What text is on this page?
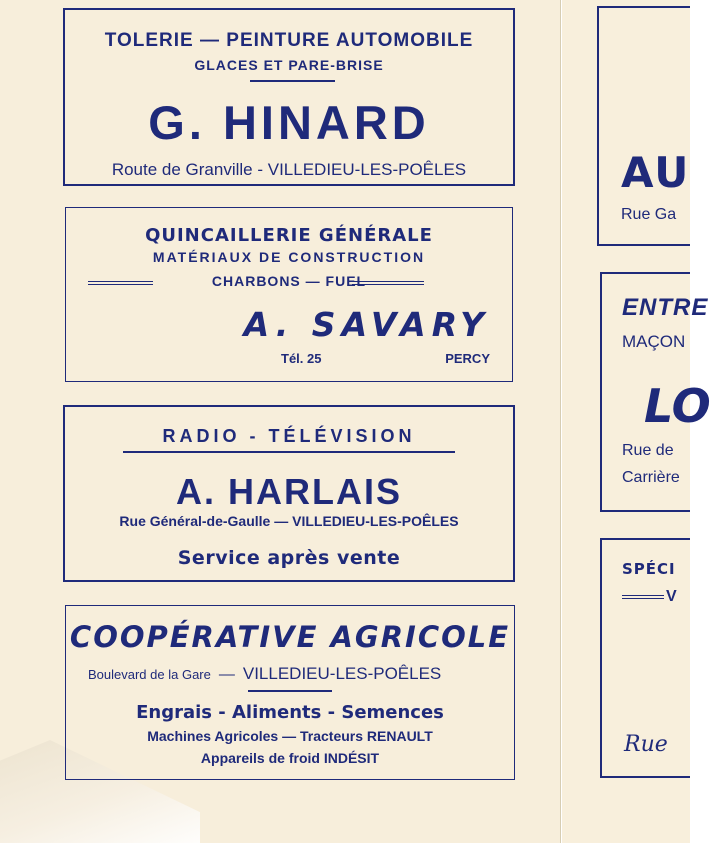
TOLERIE — PEINTURE AUTOMOBILE
GLACES ET PARE-BRISE
G. HINARD
Route de Granville - VILLEDIEU-LES-POÊLES
QUINCAILLERIE GÉNÉRALE
MATÉRIAUX DE CONSTRUCTION
CHARBONS — FUEL
A. SAVARY
Tél. 25	PERCY
RADIO - TÉLÉVISION
A. HARLAIS
Rue Général-de-Gaulle — VILLEDIEU-LES-POÊLES
Service après vente
COOPÉRATIVE AGRICOLE
Boulevard de la Gare — VILLEDIEU-LES-POÊLES
Engrais - Aliments - Semences
Machines Agricoles — Tracteurs RENAULT
Appareils de froid INDÉSIT
AU
Rue Ga
ENTRE
MAÇON
LO
Rue de
Carrière
SPÉCI
V
Rue
